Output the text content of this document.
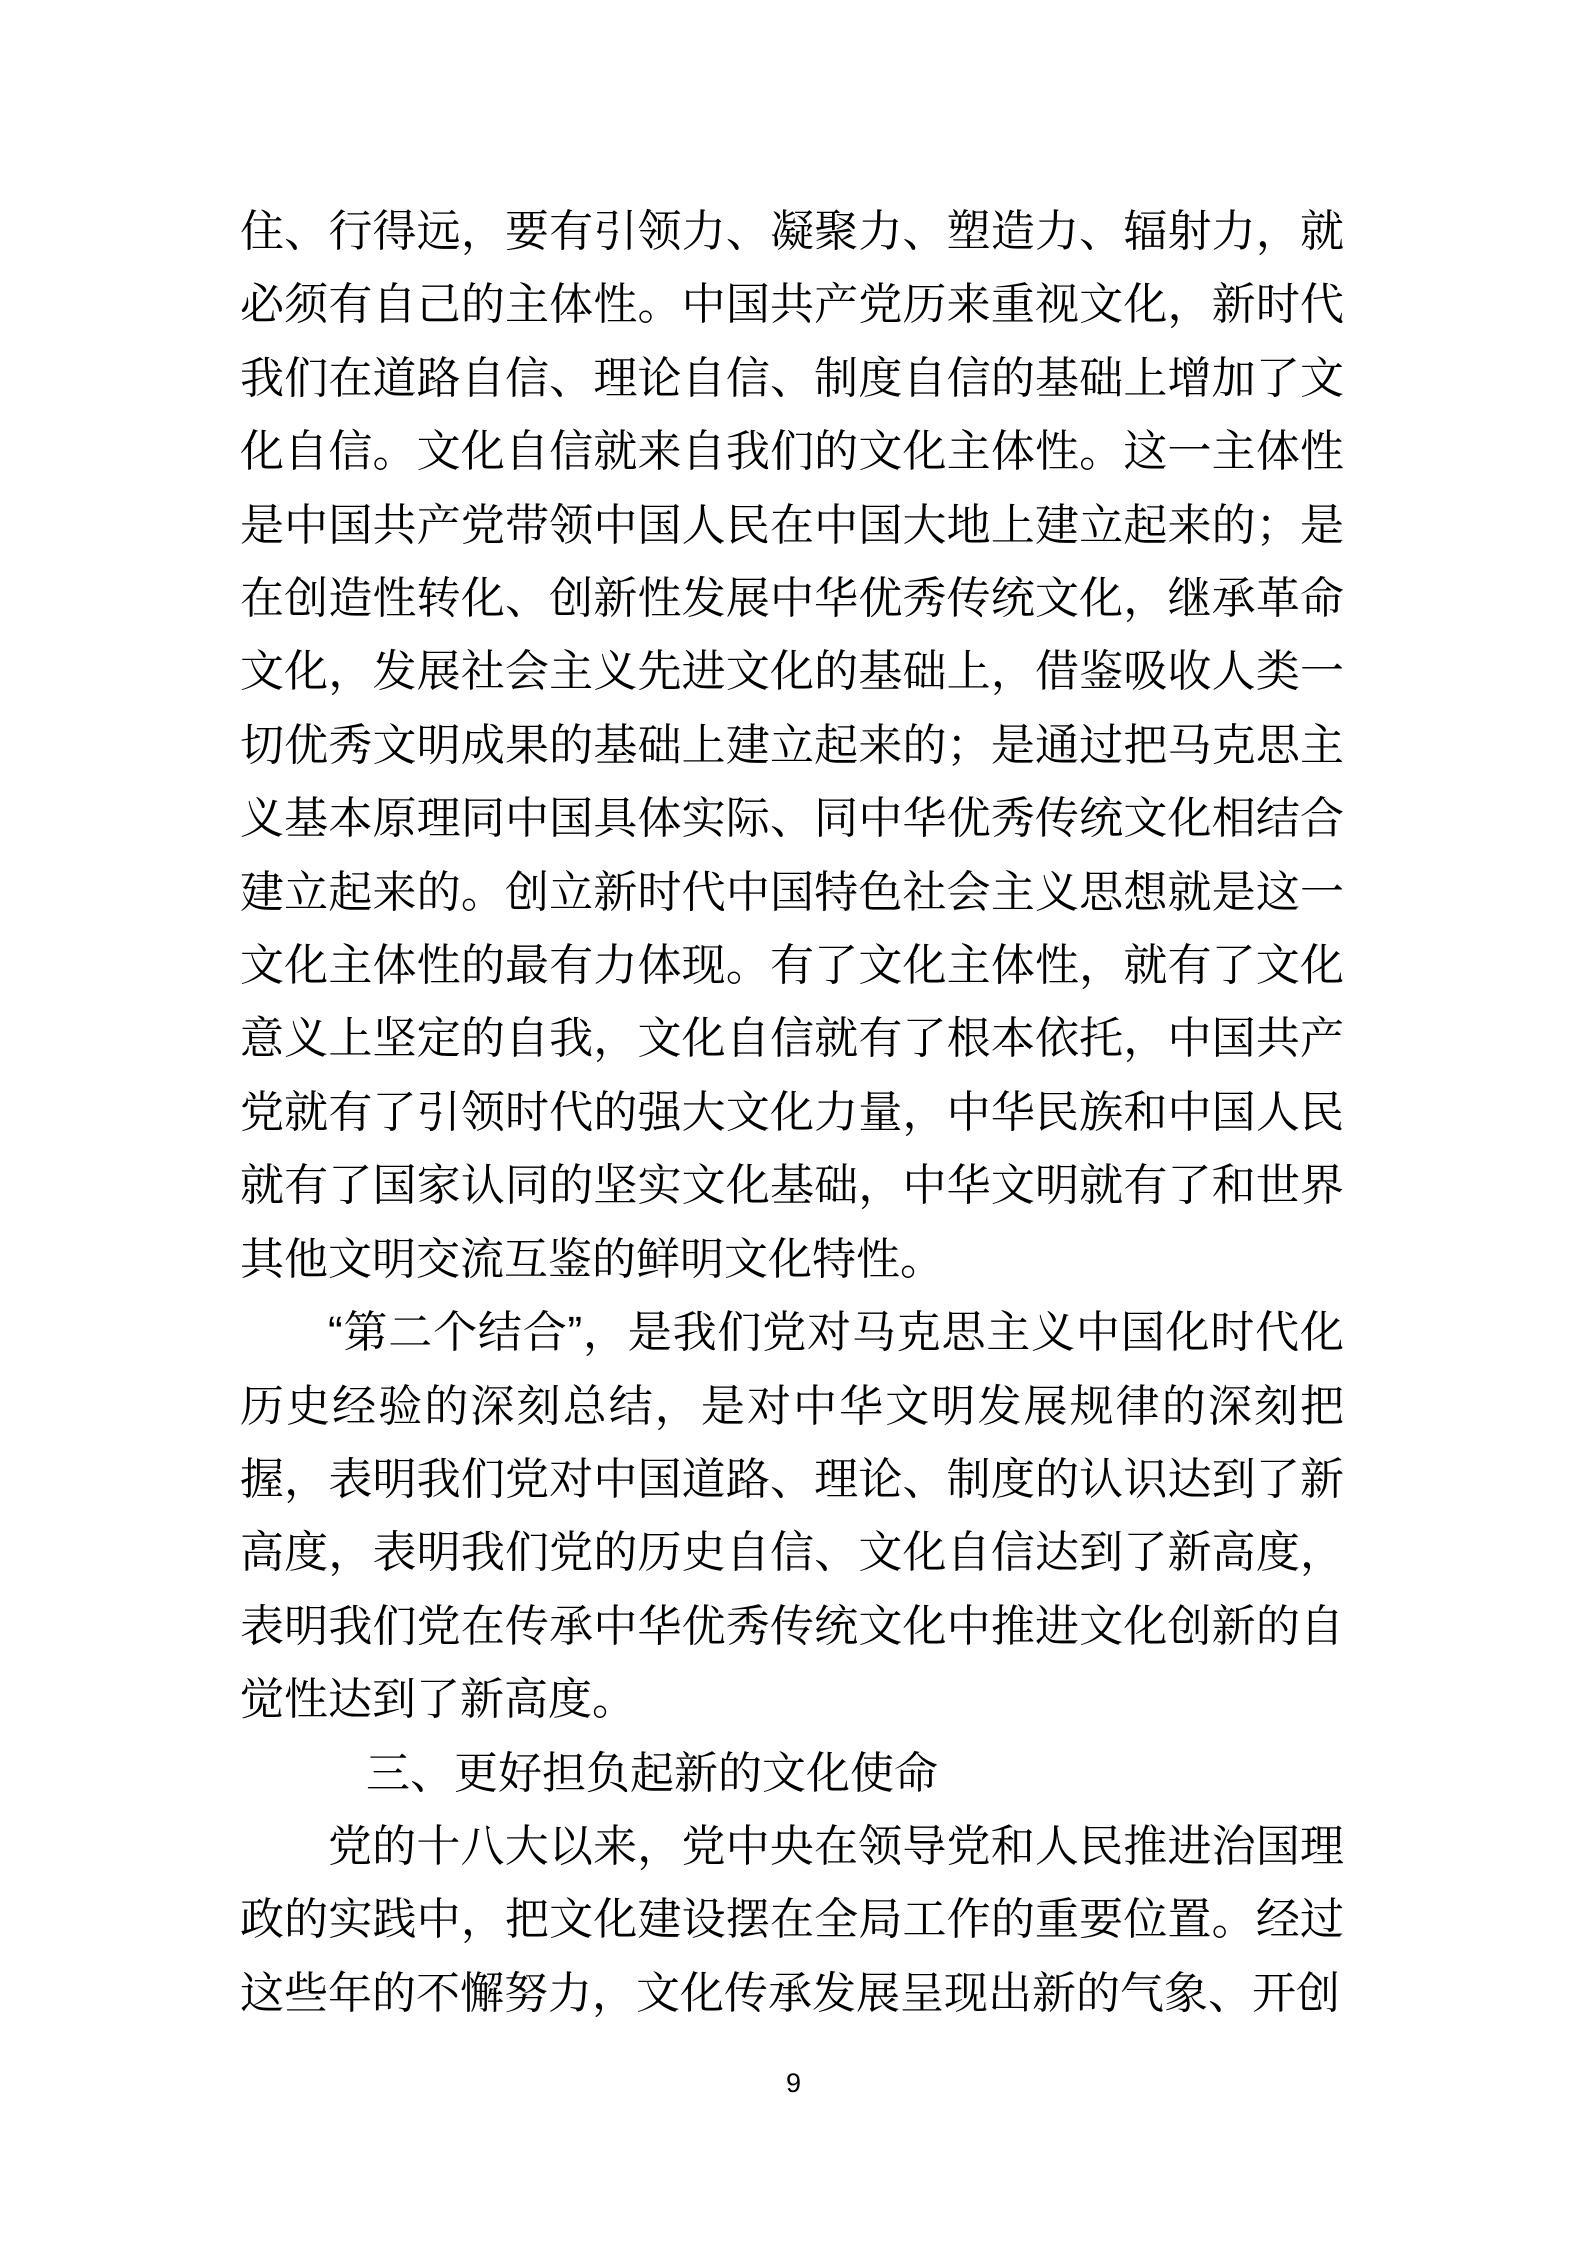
住、行得远，要有引领力、凝聚力、塑造力、辐射力，就必须有自己的主体性。中国共产党历来重视文化，新时代我们在道路自信、理论自信、制度自信的基础上增加了文化自信。文化自信就来自我们的文化主体性。这一主体性是中国共产党带领中国人民在中国大地上建立起来的；是在创造性转化、创新性发展中华优秀传统文化，继承革命文化，发展社会主义先进文化的基础上，借鉴吸收人类一切优秀文明成果的基础上建立起来的；是通过把马克思主义基本原理同中国具体实际、同中华优秀传统文化相结合建立起来的。创立新时代中国特色社会主义思想就是这一文化主体性的最有力体现。有了文化主体性，就有了文化意义上坚定的自我，文化自信就有了根本依托，中国共产党就有了引领时代的强大文化力量，中华民族和中国人民就有了国家认同的坚实文化基础，中华文明就有了和世界其他文明交流互鉴的鲜明文化特性。

“第二个结合”，是我们党对马克思主义中国化时代化历史经验的深刻总结，是对中华文明发展规律的深刻把握，表明我们党对中国道路、理论、制度的认识达到了新高度，表明我们党的历史自信、文化自信达到了新高度，表明我们党在传承中华优秀传统文化中推进文化创新的自觉性达到了新高度。

三、更好担负起新的文化使命

党的十八大以来，党中央在领导党和人民推进治国理政的实践中，把文化建设摆在全局工作的重要位置。经过这些年的不懈努力，文化传承发展呈现出新的气象、开创

9
